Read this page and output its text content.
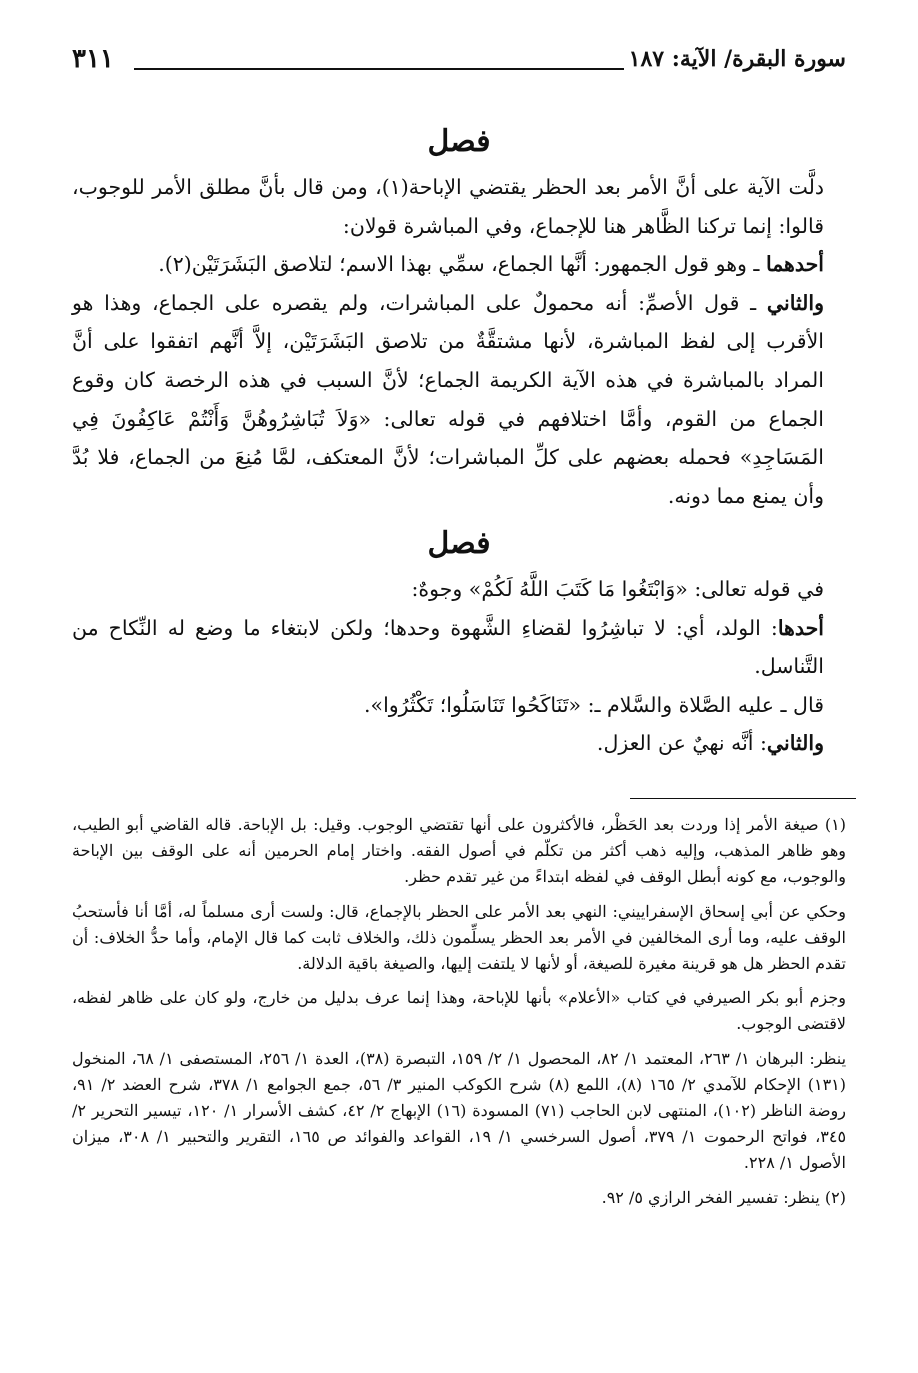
سورة البقرة/ الآية: ١٨٧
٣١١
فصل

دلَّت الآية على أنَّ الأمر بعد الحظر يقتضي الإباحة(١)، ومن قال بأنَّ مطلق الأمر للوجوب، قالوا: إنما تركنا الظَّاهر هنا للإجماع، وفي المباشرة قولان:

أحدهما ـ وهو قول الجمهور: أنَّها الجماع، سمِّي بهذا الاسم؛ لتلاصق البَشَرَتَيْن(٢).

والثاني ـ قول الأصمِّ: أنه محمولٌ على المباشرات، ولم يقصره على الجماع، وهذا هو الأقرب إلى لفظ المباشرة، لأنها مشتقَّةٌ من تلاصق البَشَرَتَيْن، إلاَّ أنَّهم اتفقوا على أنَّ المراد بالمباشرة في هذه الآية الكريمة الجماع؛ لأنَّ السبب في هذه الرخصة كان وقوع الجماع من القوم، وأمَّا اختلافهم في قوله تعالى: «وَلاَ تُبَاشِرُوهُنَّ وَأَنْتُمْ عَاكِفُونَ فِي المَسَاجِدِ» فحمله بعضهم على كلِّ المباشرات؛ لأنَّ المعتكف، لمَّا مُنِعَ من الجماع، فلا بُدَّ وأن يمنع مما دونه.

فصل

في قوله تعالى: «وَابْتَغُوا مَا كَتَبَ اللَّهُ لَكُمْ» وجوهٌ:

أحدها: الولد، أي: لا تباشِرُوا لقضاءِ الشَّهوة وحدها؛ ولكن لابتغاء ما وضع له النِّكاح من التَّناسل.

قال ـ عليه الصَّلاة والسَّلام ـ: «تَنَاكَحُوا تَنَاسَلُوا؛ تَكْثُرُوا».

والثاني: أنَّه نهيٌ عن العزل.

(١) صيغة الأمر إذا وردت بعد الحَظْر، فالأكثرون على أنها تقتضي الوجوب. وقيل: بل الإباحة. قاله القاضي أبو الطيب، وهو ظاهر المذهب، وإليه ذهب أكثر من تكلّم في أصول الفقه. واختار إمام الحرمين أنه على الوقف بين الإباحة والوجوب، مع كونه أبطل الوقف في لفظه ابتداءً من غير تقدم حظر.

وحكي عن أبي إسحاق الإسفراييني: النهي بعد الأمر على الحظر بالإجماع، قال: ولست أرى مسلماً له، أمَّا أنا فأستحبُ الوقف عليه، وما أرى المخالفين في الأمر بعد الحظر يسلِّمون ذلك، والخلاف ثابت كما قال الإمام، وأما حدُّ الخلاف: أن تقدم الحظر هل هو قرينة مغيرة للصيغة، أو لأنها لا يلتفت إليها، والصيغة باقية الدلالة.

وجزم أبو بكر الصيرفي في كتاب «الأعلام» بأنها للإباحة، وهذا إنما عرف بدليل من خارج، ولو كان على ظاهر لفظه، لاقتضى الوجوب.

ينظر: البرهان ١/ ٢٦٣، المعتمد ١/ ٨٢، المحصول ١/ ٢/ ١٥٩، التبصرة (٣٨)، العدة ١/ ٢٥٦، المستصفى ١/ ٦٨، المنخول (١٣١) الإحكام للآمدي ٢/ ١٦٥ (٨)، اللمع (٨) شرح الكوكب المنير ٣/ ٥٦، جمع الجوامع ١/ ٣٧٨، شرح العضد ٢/ ٩١، روضة الناظر (١٠٢)، المنتهى لابن الحاجب (٧١) المسودة (١٦) الإبهاج ٢/ ٤٢، كشف الأسرار ١/ ١٢٠، تيسير التحرير ٢/ ٣٤٥، فواتح الرحموت ١/ ٣٧٩، أصول السرخسي ١/ ١٩، القواعد والفوائد ص ١٦٥، التقرير والتحبير ١/ ٣٠٨، ميزان الأصول ١/ ٢٢٨.

(٢) ينظر: تفسير الفخر الرازي ٥/ ٩٢.
